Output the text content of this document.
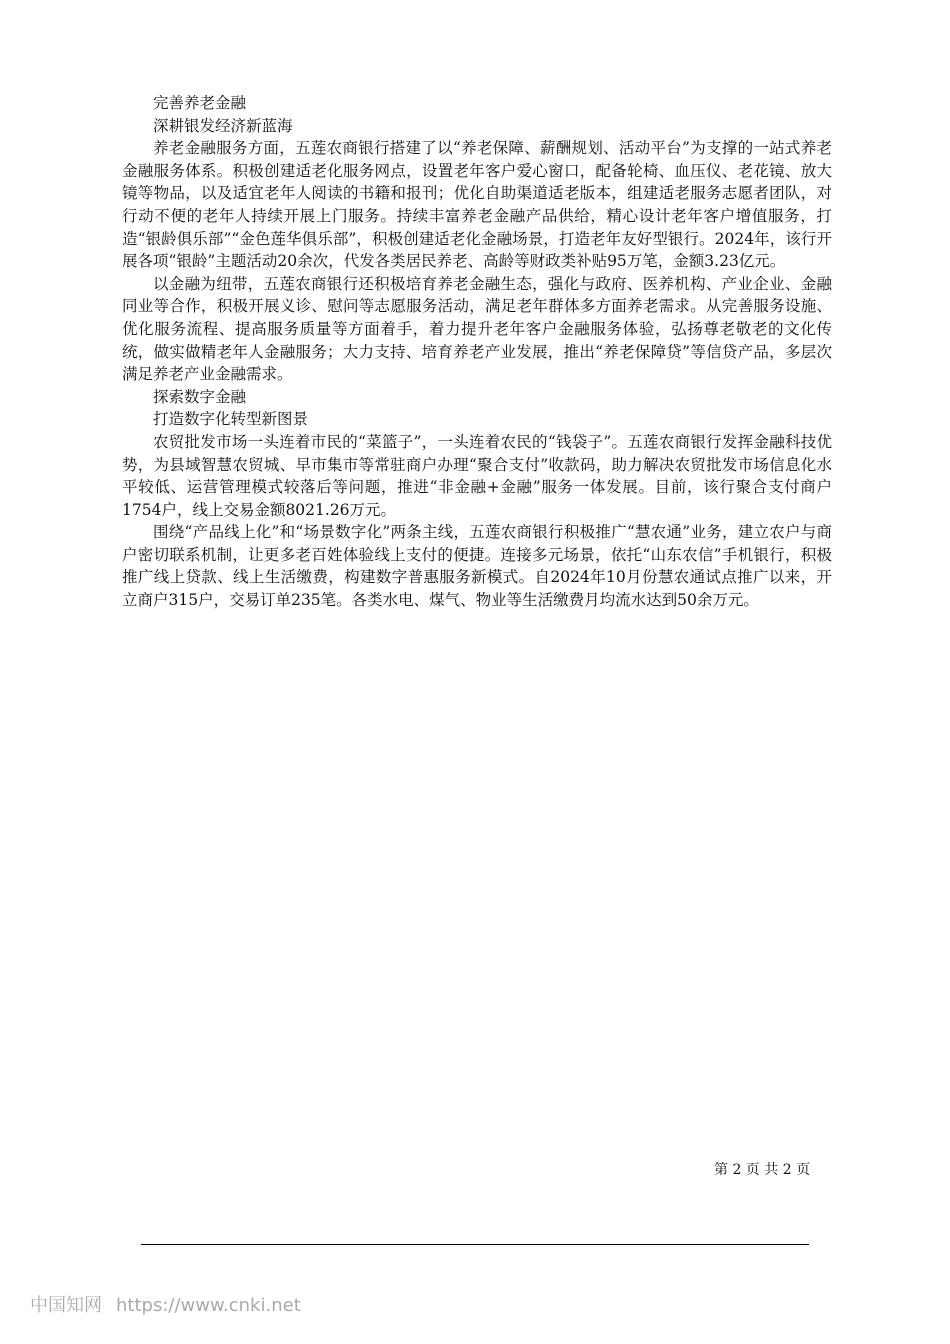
完善养老金融

深耕银发经济新蓝海

养老金融服务方面，五莲农商银行搭建了以“养老保障、薪酬规划、活动平台”为支撑的一站式养老金融服务体系。积极创建适老化服务网点，设置老年客户爱心窗口，配备轮椅、血压仪、老花镜、放大镜等物品，以及适宜老年人阅读的书籍和报刊；优化自助渠道适老版本，组建适老服务志愿者团队，对行动不便的老年人持续开展上门服务。持续丰富养老金融产品供给，精心设计老年客户增值服务，打造“银龄俱乐部”“金色莲华俱乐部”，积极创建适老化金融场景，打造老年友好型银行。2024年，该行开展各项“银龄”主题活动20余次，代发各类居民养老、高龄等财政类补贴95万笔，金额3.23亿元。

以金融为纽带，五莲农商银行还积极培育养老金融生态，强化与政府、医养机构、产业企业、金融同业等合作，积极开展义诊、慰问等志愿服务活动，满足老年群体多方面养老需求。从完善服务设施、优化服务流程、提高服务质量等方面着手，着力提升老年客户金融服务体验，弘扬尊老敬老的文化传统，做实做精老年人金融服务；大力支持、培育养老产业发展，推出“养老保障贷”等信贷产品，多层次满足养老产业金融需求。

探索数字金融

打造数字化转型新图景

农贸批发市场一头连着市民的“菜篮子”，一头连着农民的“钱袋子”。五莲农商银行发挥金融科技优势，为县域智慧农贸城、早市集市等常驻商户办理“聚合支付”收款码，助力解决农贸批发市场信息化水平较低、运营管理模式较落后等问题，推进“非金融+金融”服务一体发展。目前，该行聚合支付商户1754户，线上交易金额8021.26万元。

围绕“产品线上化”和“场景数字化”两条主线，五莲农商银行积极推广“慧农通”业务，建立农户与商户密切联系机制，让更多老百姓体验线上支付的便捷。连接多元场景，依托“山东农信”手机银行，积极推广线上贷款、线上生活缴费，构建数字普惠服务新模式。自2024年10月份慧农通试点推广以来，开立商户315户，交易订单235笔。各类水电、煤气、物业等生活缴费月均流水达到50余万元。

第 2 页 共 2 页
中国知网 https://www.cnki.net
